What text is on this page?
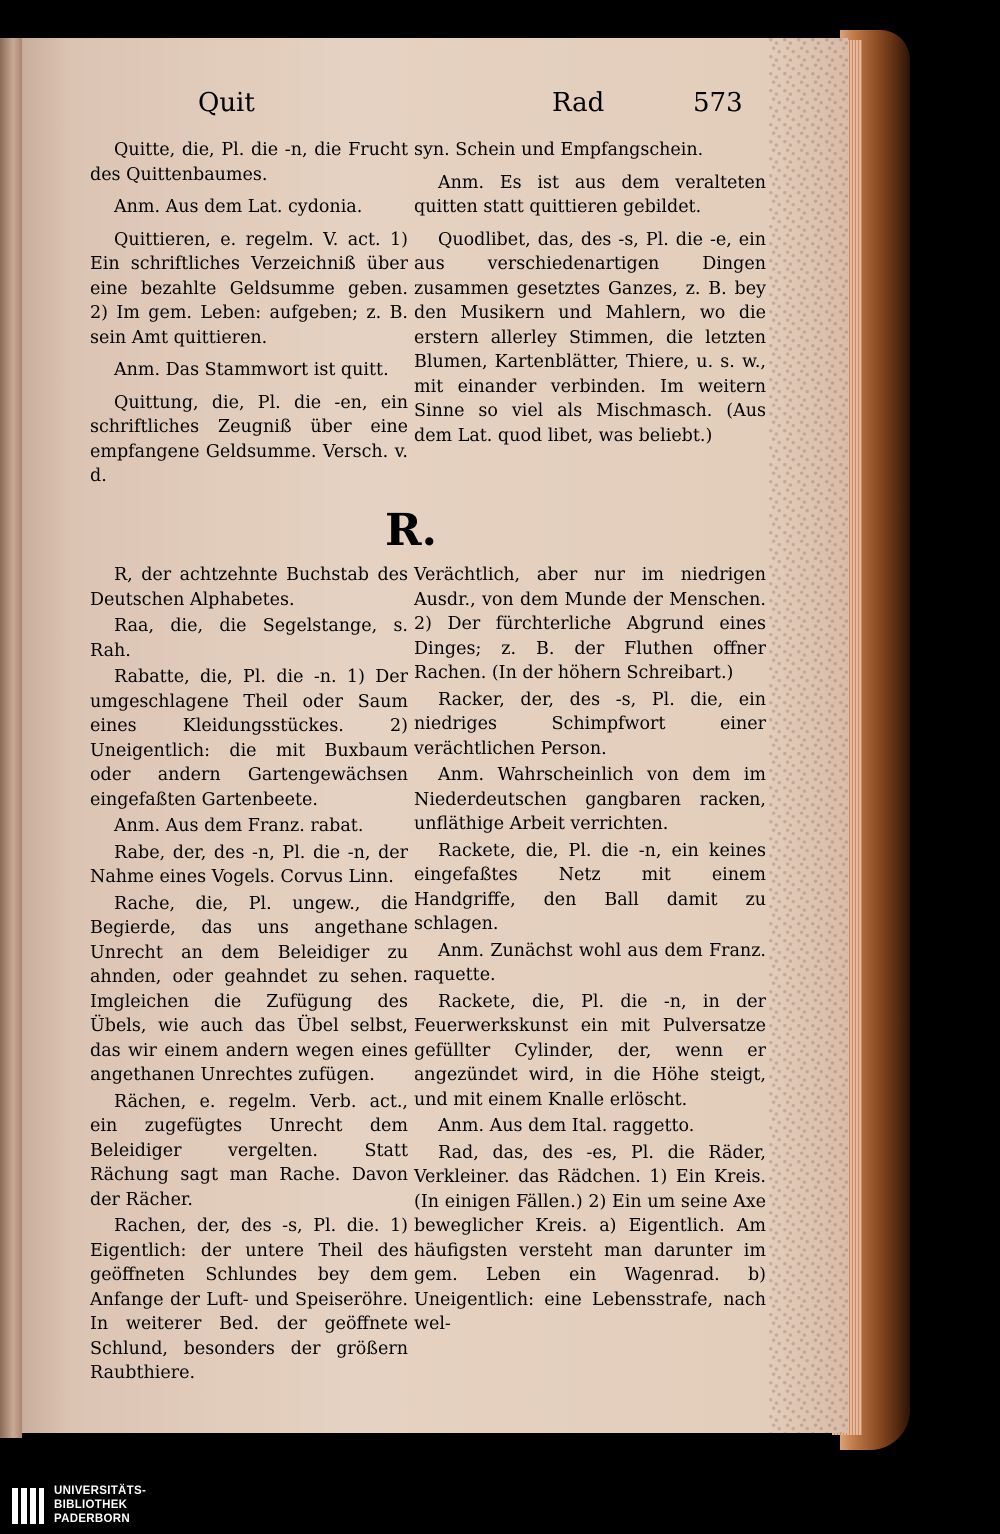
Quit	Rad	573

Quitte, die, Pl. die -n, die Frucht des Quittenbaumes.

Anm. Aus dem Lat. cydonia.

Quittieren, e. regelm. V. act. 1) Ein schriftliches Verzeichniß über eine bezahlte Geldsumme geben. 2) Im gem. Leben: aufgeben; z. B. sein Amt quittieren.

Anm. Das Stammwort ist quitt.

Quittung, die, Pl. die -en, ein schriftliches Zeugniß über eine empfangene Geldsumme. Versch. v. d.

syn. Schein und Empfangschein.

Anm. Es ist aus dem veralteten quitten statt quittieren gebildet.

Quodlibet, das, des -s, Pl. die -e, ein aus verschiedenartigen Dingen zusammen gesetztes Ganzes, z. B. bey den Musikern und Mahlern, wo die erstern allerley Stimmen, die letzten Blumen, Kartenblätter, Thiere, u. s. w., mit einander verbinden. Im weitern Sinne so viel als Mischmasch. (Aus dem Lat. quod libet, was beliebt.)

R.

R, der achtzehnte Buchstab des Deutschen Alphabetes.

Raa, die, die Segelstange, s. Rah.

Rabatte, die, Pl. die -n. 1) Der umgeschlagene Theil oder Saum eines Kleidungsstückes. 2) Uneigentlich: die mit Buxbaum oder andern Gartengewächsen eingefaßten Gartenbeete.

Anm. Aus dem Franz. rabat.

Rabe, der, des -n, Pl. die -n, der Nahme eines Vogels. Corvus Linn.

Rache, die, Pl. ungew., die Begierde, das uns angethane Unrecht an dem Beleidiger zu ahnden, oder geahndet zu sehen. Imgleichen die Zufügung des Übels, wie auch das Übel selbst, das wir einem andern wegen eines angethanen Unrechtes zufügen.

Rächen, e. regelm. Verb. act., ein zugefügtes Unrecht dem Beleidiger vergelten. Statt Rächung sagt man Rache. Davon der Rächer.

Rachen, der, des -s, Pl. die. 1) Eigentlich: der untere Theil des geöffneten Schlundes bey dem Anfange der Luft- und Speiseröhre. In weiterer Bed. der geöffnete Schlund, besonders der größern Raubthiere.

Verächtlich, aber nur im niedrigen Ausdr., von dem Munde der Menschen. 2) Der fürchterliche Abgrund eines Dinges; z. B. der Fluthen offner Rachen. (In der höhern Schreibart.)

Racker, der, des -s, Pl. die, ein niedriges Schimpfwort einer verächtlichen Person.

Anm. Wahrscheinlich von dem im Niederdeutschen gangbaren racken, unfläthige Arbeit verrichten.

Rackete, die, Pl. die -n, ein keines eingefaßtes Netz mit einem Handgriffe, den Ball damit zu schlagen.

Anm. Zunächst wohl aus dem Franz. raquette.

Rackete, die, Pl. die -n, in der Feuerwerkskunst ein mit Pulversatze gefüllter Cylinder, der, wenn er angezündet wird, in die Höhe steigt, und mit einem Knalle erlöscht.

Anm. Aus dem Ital. raggetto.

Rad, das, des -es, Pl. die Räder, Verkleiner. das Rädchen. 1) Ein Kreis. (In einigen Fällen.) 2) Ein um seine Axe beweglicher Kreis. a) Eigentlich. Am häufigsten versteht man darunter im gem. Leben ein Wagenrad. b) Uneigentlich: eine Lebensstrafe, nach wel-

UNIVERSITÄTS-
BIBLIOTHEK
PADERBORN
